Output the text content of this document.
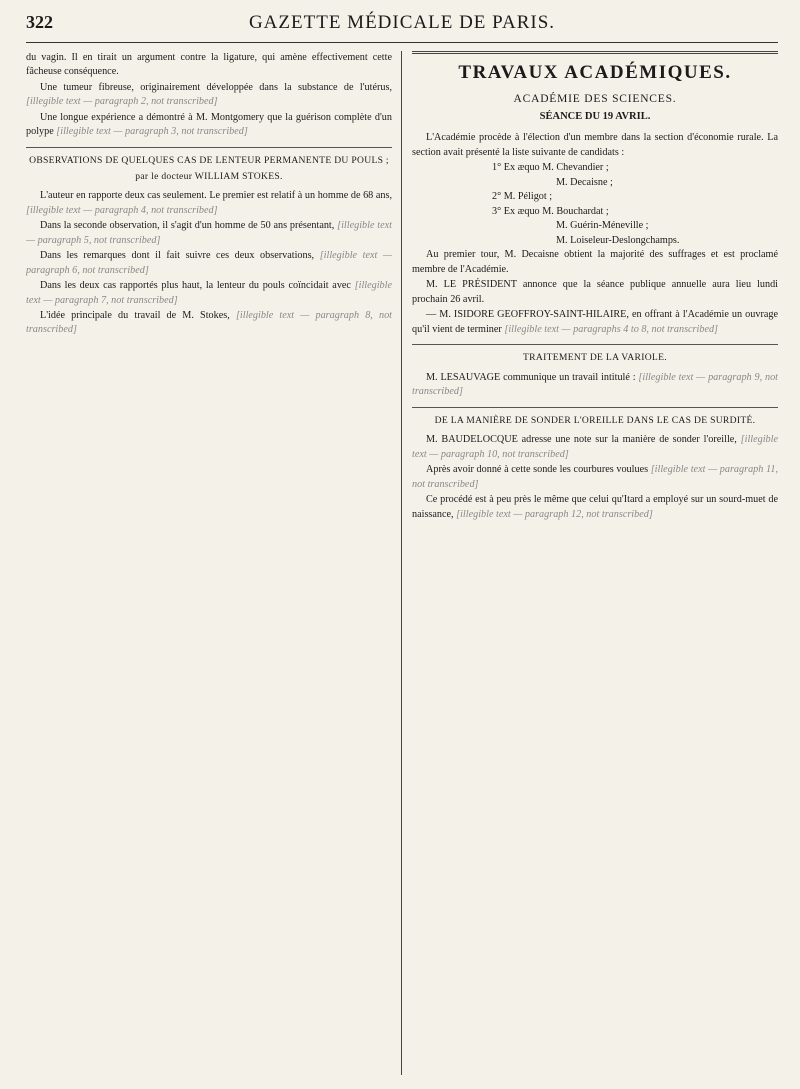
322	GAZETTE MÉDICALE DE PARIS.

du vagin. Il en tirait un argument contre la ligature, qui amène effectivement cette fâcheuse conséquence.

Une tumeur fibreuse, originairement développée dans la substance de l'utérus, [illegible text — paragraph 2, not transcribed]

Une longue expérience a démontré à M. Montgomery que la guérison complète d'un polype [illegible text — paragraph 3, not transcribed]

OBSERVATIONS DE QUELQUES CAS DE LENTEUR PERMANENTE DU POULS ;
par le docteur WILLIAM STOKES.

L'auteur en rapporte deux cas seulement. Le premier est relatif à un homme de 68 ans, [illegible text — paragraph 4, not transcribed]

Dans la seconde observation, il s'agit d'un homme de 50 ans présentant, [illegible text — paragraph 5, not transcribed]

Dans les remarques dont il fait suivre ces deux observations, [illegible text — paragraph 6, not transcribed]

Dans les deux cas rapportés plus haut, la lenteur du pouls coïncidait avec [illegible text — paragraph 7, not transcribed]

L'idée principale du travail de M. Stokes, [illegible text — paragraph 8, not transcribed]

TRAVAUX ACADÉMIQUES.
ACADÉMIE DES SCIENCES.
SÉANCE DU 19 AVRIL.

L'Académie procède à l'élection d'un membre dans la section d'économie rurale. La section avait présenté la liste suivante de candidats :

1° Ex æquo M. Chevandier ;
M. Decaisne ;
2° M. Péligot ;
3° Ex æquo M. Bouchardat ;
M. Guérin-Méneville ;
M. Loiseleur-Deslongchamps.

Au premier tour, M. Decaisne obtient la majorité des suffrages et est proclamé membre de l'Académie.

M. LE PRÉSIDENT annonce que la séance publique annuelle aura lieu lundi prochain 26 avril.

— M. ISIDORE GEOFFROY-SAINT-HILAIRE, en offrant à l'Académie un ouvrage qu'il vient de terminer [illegible text — paragraphs 4 to 8, not transcribed]

TRAITEMENT DE LA VARIOLE.

M. LESAUVAGE communique un travail intitulé : [illegible text — paragraph 9, not transcribed]

DE LA MANIÈRE DE SONDER L'OREILLE DANS LE CAS DE SURDITÉ.

M. BAUDELOCQUE adresse une note sur la manière de sonder l'oreille, [illegible text — paragraph 10, not transcribed]

Après avoir donné à cette sonde les courbures voulues [illegible text — paragraph 11, not transcribed]

Ce procédé est à peu près le même que celui qu'Itard a employé sur un sourd-muet de naissance, [illegible text — paragraph 12, not transcribed]
